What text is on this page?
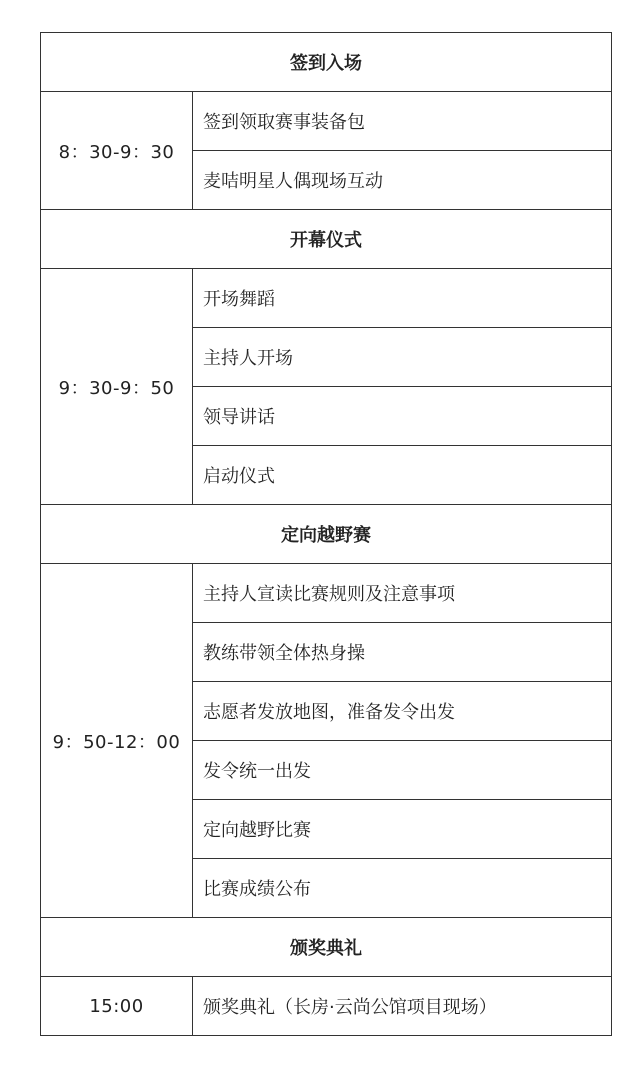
签到入场	
8：30-9：30	签到领取赛事装备包
	麦咭明星人偶现场互动
开幕仪式	
9：30-9：50	开场舞蹈
	主持人开场
	领导讲话
	启动仪式
定向越野赛	
9：50-12：00	主持人宣读比赛规则及注意事项
	教练带领全体热身操
	志愿者发放地图，准备发令出发
	发令统一出发
	定向越野比赛
	比赛成绩公布
颁奖典礼	
15:00	颁奖典礼（长房·云尚公馆项目现场）
